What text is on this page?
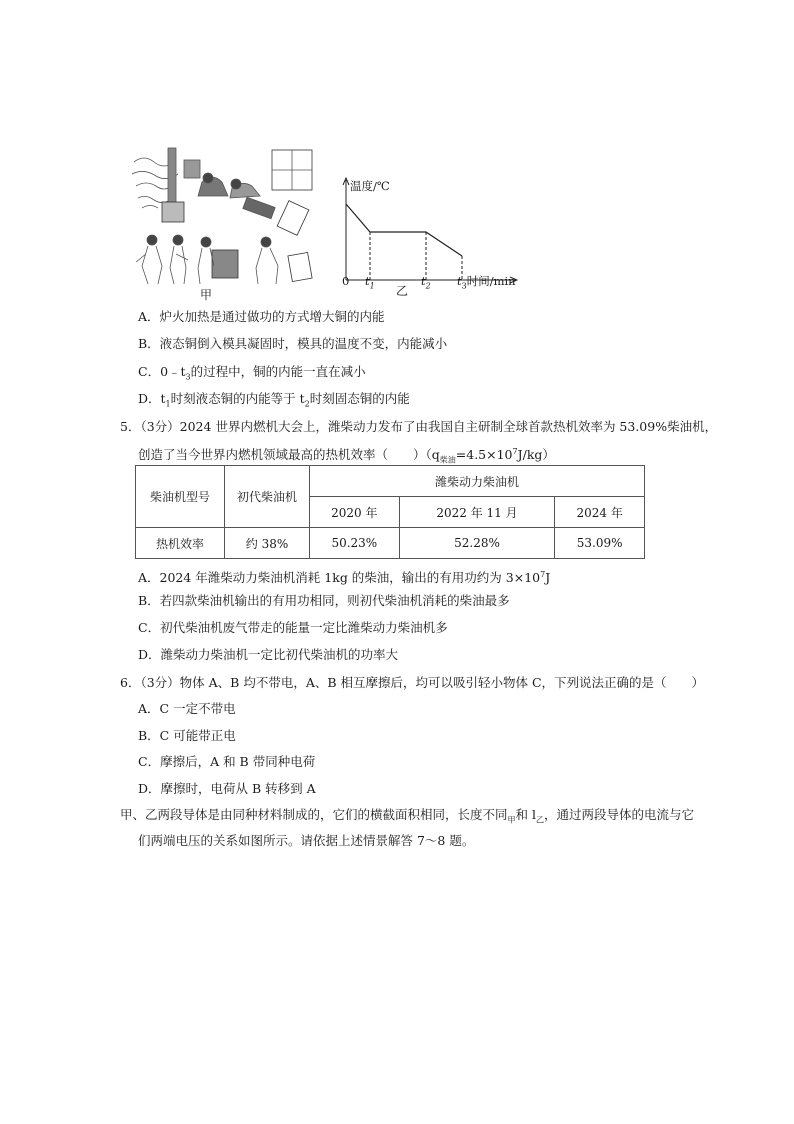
甲
温度/℃
0 $t_1$	$t_2$ $t_3$时间/min
乙
A．炉火加热是通过做功的方式增大铜的内能
B．液态铜倒入模具凝固时，模具的温度不变，内能减小
C．$0﹣t_3$的过程中，铜的内能一直在减小
D．$t_1$时刻液态铜的内能等于 $t_2$时刻固态铜的内能
5．（3分）2024 世界内燃机大会上，潍柴动力发布了由我国自主研制全球首款热机效率为 53.09%柴油机，
创造了当今世界内燃机领域最高的热机效率（　　）$(q_{柴油}=4.5\times 10^7J/kg)$
柴油机型号	初代柴油机	潍柴动力柴油机		
		2020 年	2022 年 11 月	2024 年
热机效率	约 38%	50.23%	52.28%	53.09%
A．2024 年潍柴动力柴油机消耗 1kg 的柴油，输出的有用功约为 $3\times 10^7J$
B．若四款柴油机输出的有用功相同，则初代柴油机消耗的柴油最多
C．初代柴油机废气带走的能量一定比潍柴动力柴油机多
D．潍柴动力柴油机一定比初代柴油机的功率大
6．（3分）物体 A、B 均不带电，A、B 相互摩擦后，均可以吸引轻小物体 C，下列说法正确的是（　　）
A．C 一定不带电
B．C 可能带正电
C．摩擦后，A 和 B 带同种电荷
D．摩擦时，电荷从 B 转移到 A
甲、乙两段导体是由同种材料制成的，它们的横截面积相同，长度不同$_甲$和 $l_乙$，通过两段导体的电流与它
们两端电压的关系如图所示。请依据上述情景解答 7～8 题。
